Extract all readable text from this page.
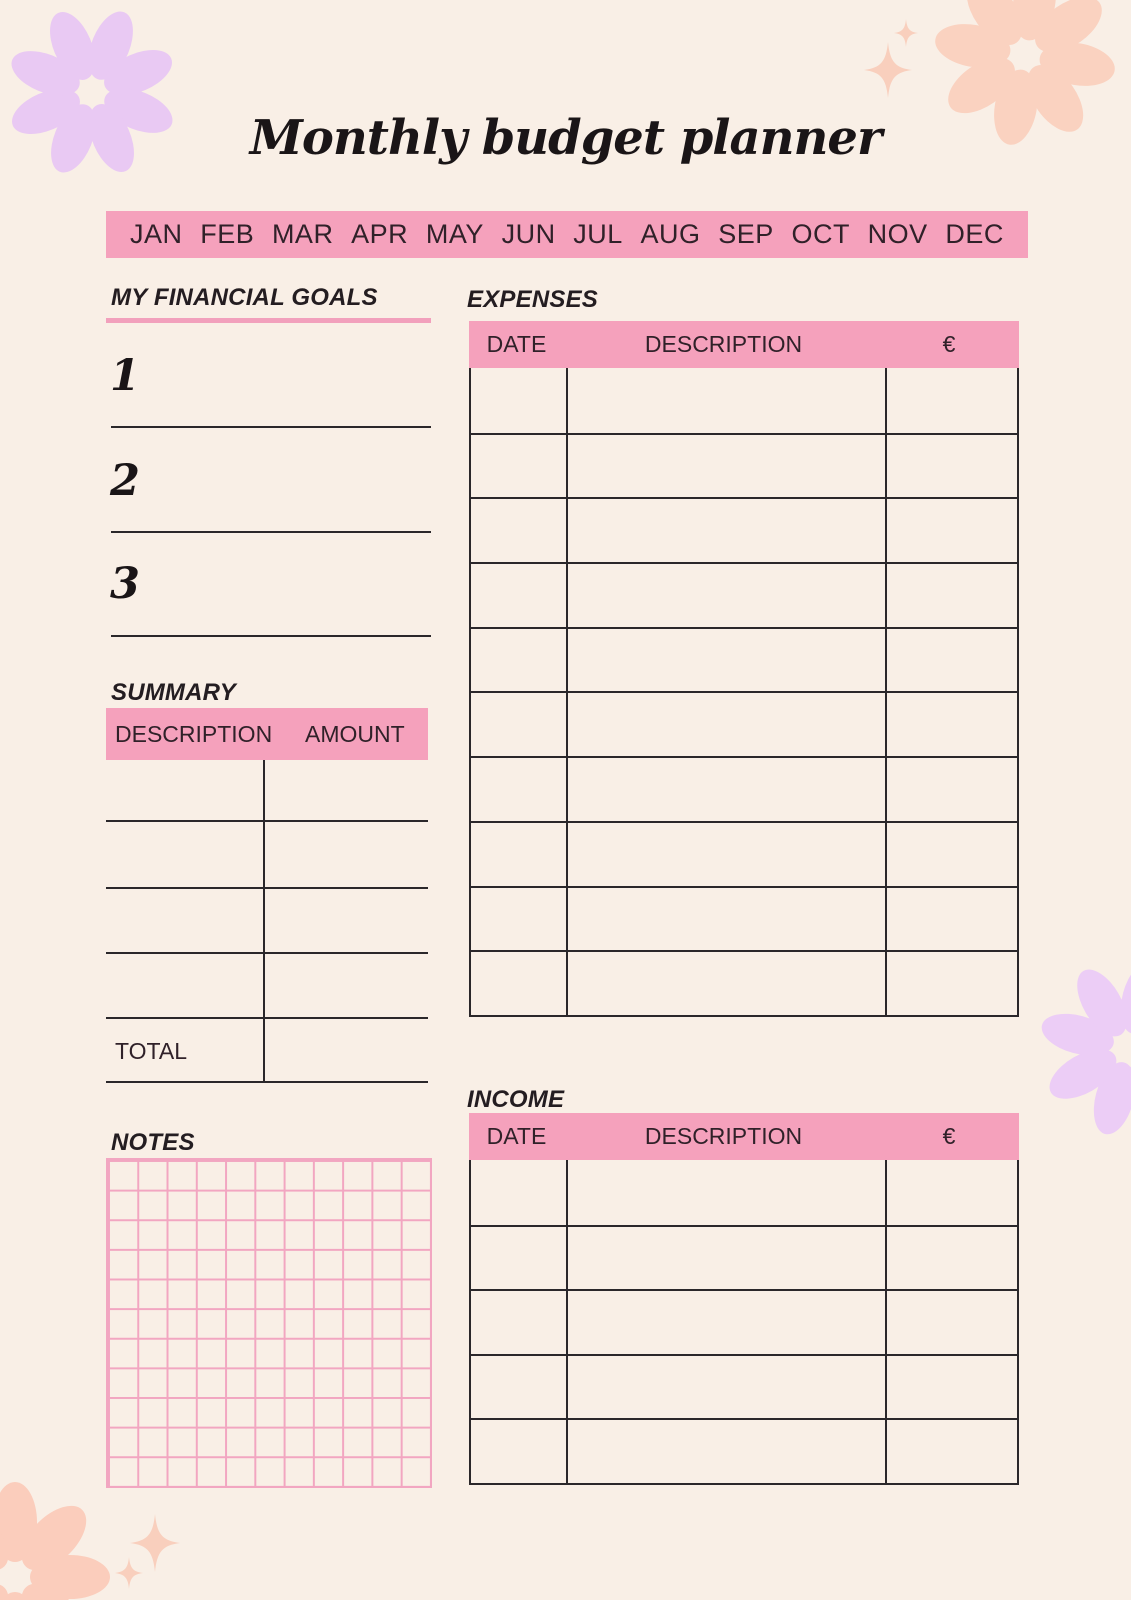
Monthly budget planner
JAN FEB MAR APR MAY JUN JUL AUG SEP OCT NOV DEC
MY FINANCIAL GOALS
1
2
3
SUMMARY
DESCRIPTION	AMOUNT
TOTAL
NOTES
EXPENSES
DATE	DESCRIPTION	€
INCOME
DATE	DESCRIPTION	€
